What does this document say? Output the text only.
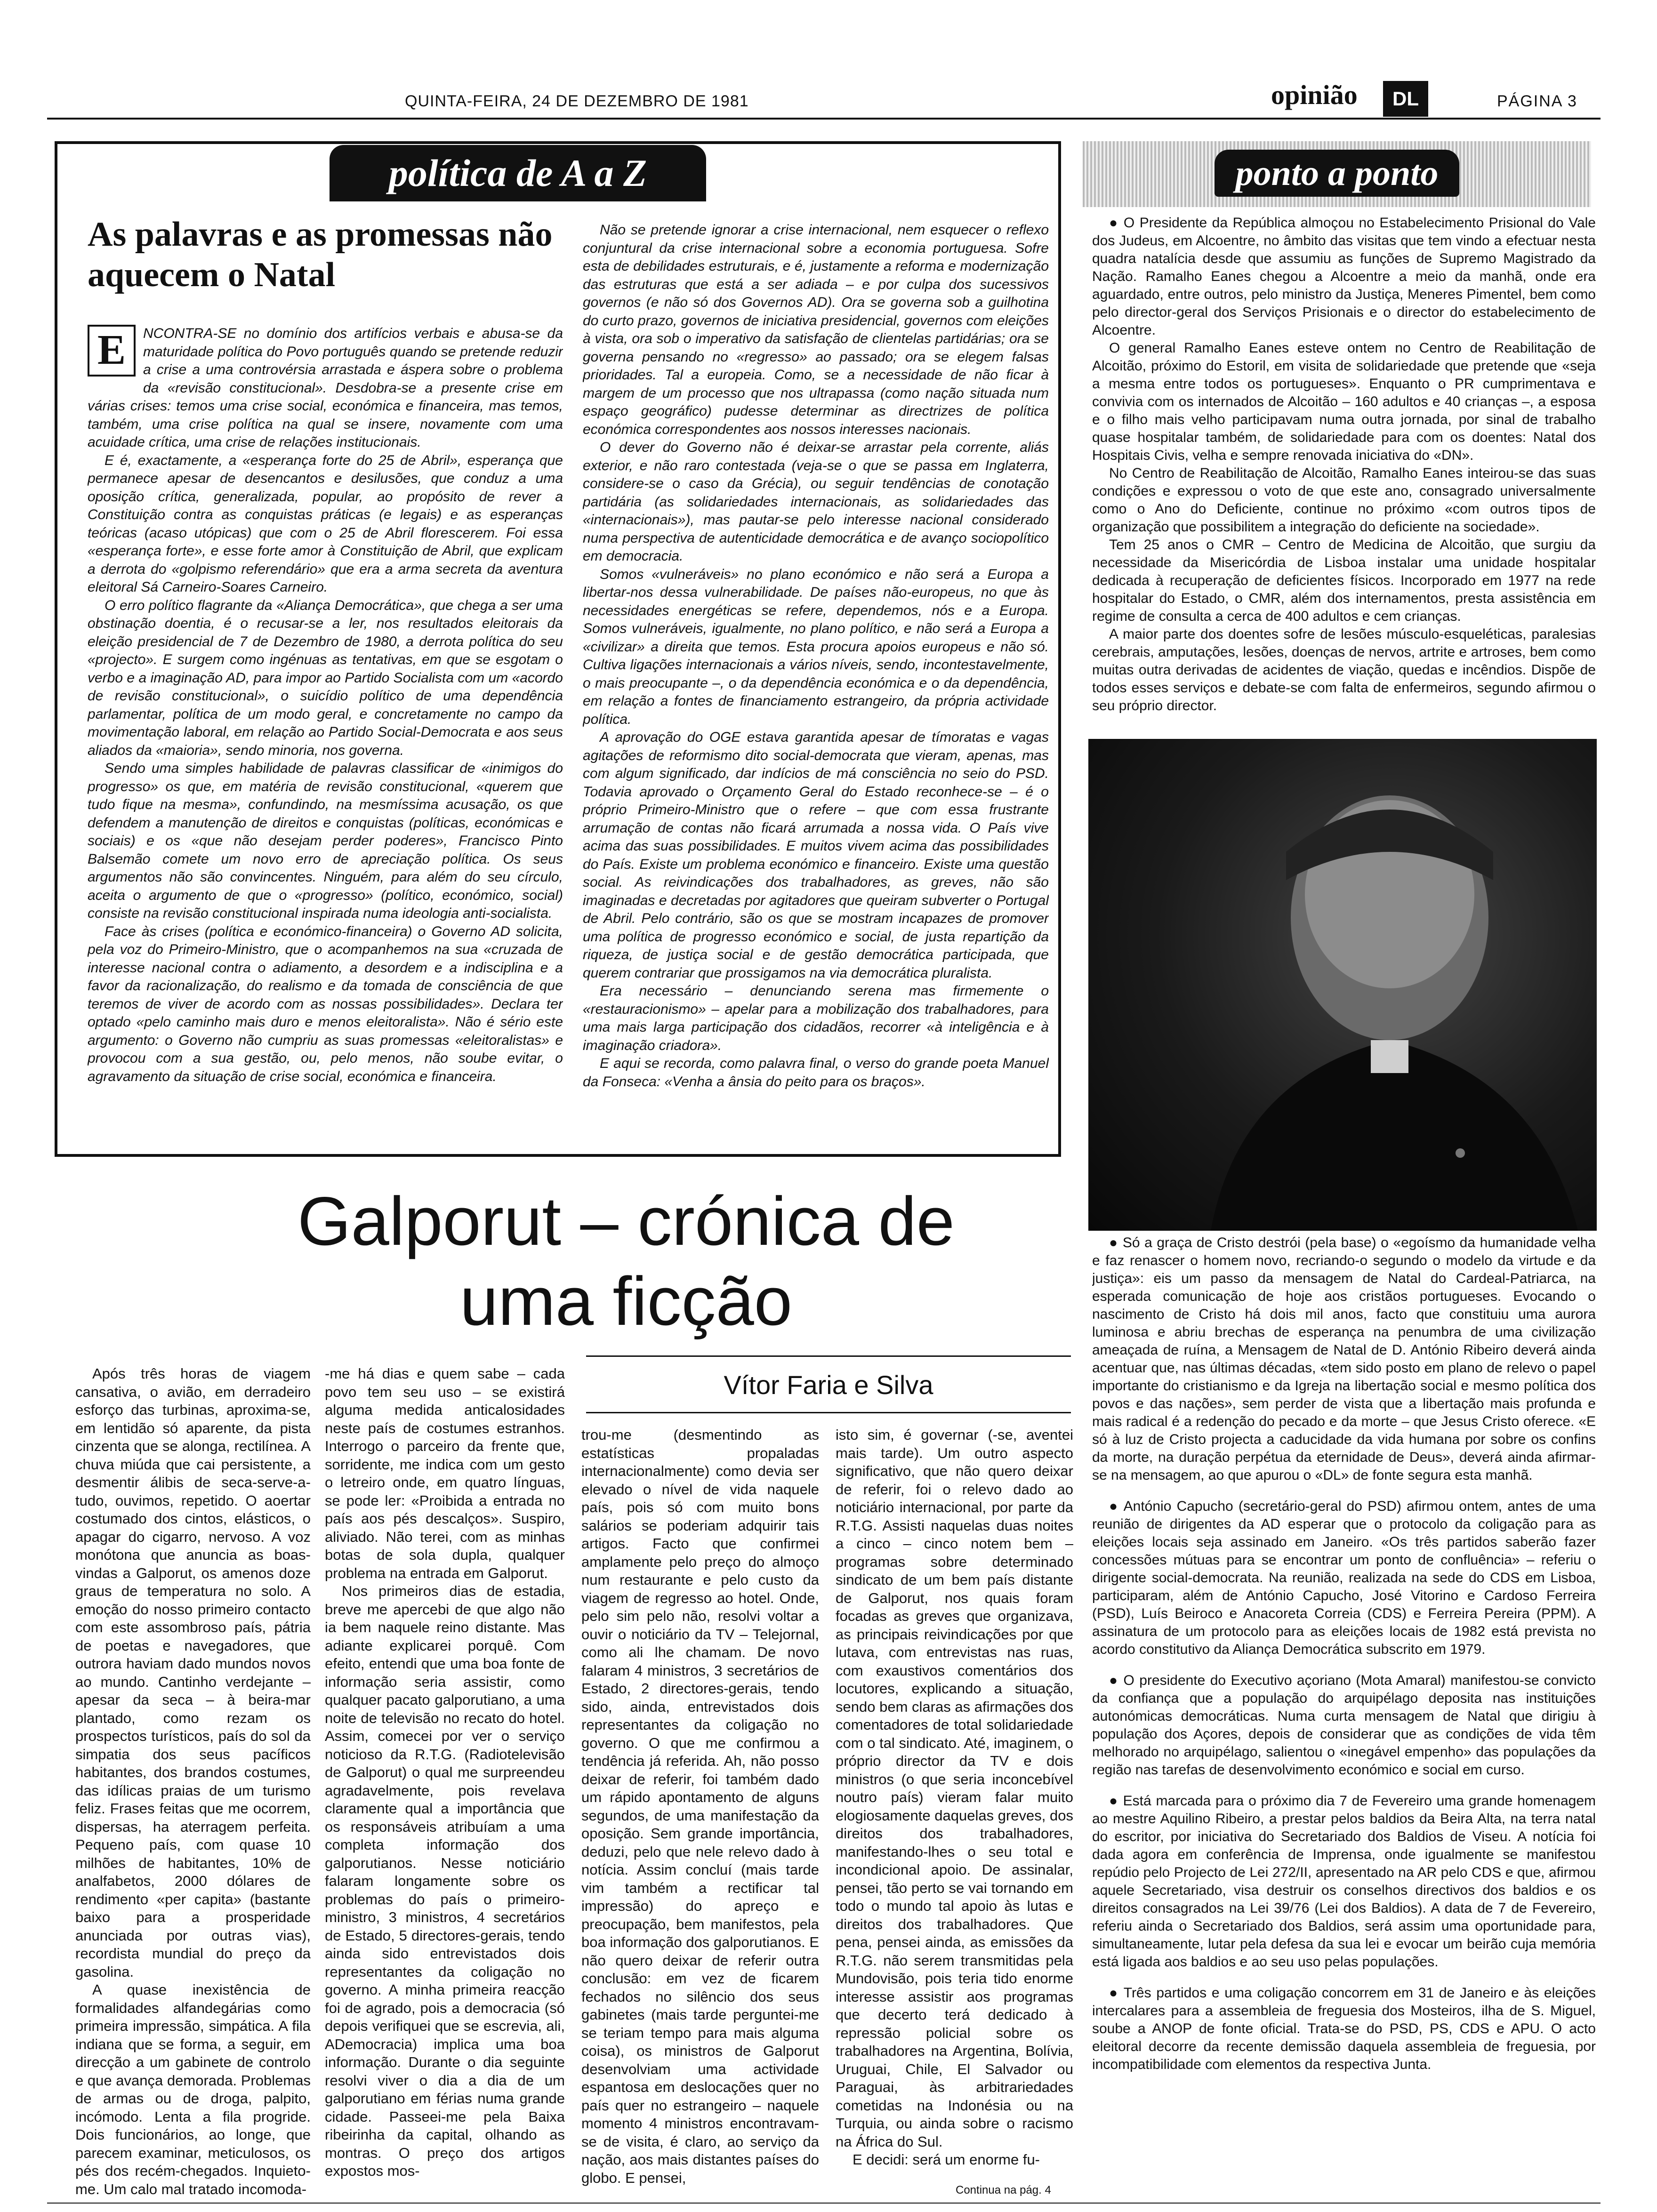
QUINTA-FEIRA, 24 DE DEZEMBRO DE 1981	opinião	DL	PÁGINA 3
política de A a Z
As palavras e as promessas não aquecem o Natal
E	NCONTRA-SE no domínio dos artifícios verbais e abusa-se da maturidade política do Povo português quando se pretende reduzir a crise a uma controvérsia arrastada e áspera sobre o problema da «revisão constitucional». Desdobra-se a presente crise em várias crises: temos uma crise social, económica e financeira, mas temos, também, uma crise política na qual se insere, novamente com uma acuidade crítica, uma crise de relações institucionais.

E é, exactamente, a «esperança forte do 25 de Abril», esperança que permanece apesar de desencantos e desilusões, que conduz a uma oposição crítica, generalizada, popular, ao propósito de rever a Constituição contra as conquistas práticas (e legais) e as esperanças teóricas (acaso utópicas) que com o 25 de Abril florescerem. Foi essa «esperança forte», e esse forte amor à Constituição de Abril, que explicam a derrota do «golpismo referendário» que era a arma secreta da aventura eleitoral Sá Carneiro-Soares Carneiro.

O erro político flagrante da «Aliança Democrática», que chega a ser uma obstinação doentia, é o recusar-se a ler, nos resultados eleitorais da eleição presidencial de 7 de Dezembro de 1980, a derrota política do seu «projecto». E surgem como ingénuas as tentativas, em que se esgotam o verbo e a imaginação AD, para impor ao Partido Socialista com um «acordo de revisão constitucional», o suicídio político de uma dependência parlamentar, política de um modo geral, e concretamente no campo da movimentação laboral, em relação ao Partido Social-Democrata e aos seus aliados da «maioria», sendo minoria, nos governa.

Sendo uma simples habilidade de palavras classificar de «inimigos do progresso» os que, em matéria de revisão constitucional, «querem que tudo fique na mesma», confundindo, na mesmíssima acusação, os que defendem a manutenção de direitos e conquistas (políticas, económicas e sociais) e os «que não desejam perder poderes», Francisco Pinto Balsemão comete um novo erro de apreciação política. Os seus argumentos não são convincentes. Ninguém, para além do seu círculo, aceita o argumento de que o «progresso» (político, económico, social) consiste na revisão constitucional inspirada numa ideologia anti-socialista.

Face às crises (política e económico-financeira) o Governo AD solicita, pela voz do Primeiro-Ministro, que o acompanhemos na sua «cruzada de interesse nacional contra o adiamento, a desordem e a indisciplina e a favor da racionalização, do realismo e da tomada de consciência de que teremos de viver de acordo com as nossas possibilidades». Declara ter optado «pelo caminho mais duro e menos eleitoralista». Não é sério este argumento: o Governo não cumpriu as suas promessas «eleitoralistas» e provocou com a sua gestão, ou, pelo menos, não soube evitar, o agravamento da situação de crise social, económica e financeira.

Não se pretende ignorar a crise internacional, nem esquecer o reflexo conjuntural da crise internacional sobre a economia portuguesa. Sofre esta de debilidades estruturais, e é, justamente a reforma e modernização das estruturas que está a ser adiada – e por culpa dos sucessivos governos (e não só dos Governos AD). Ora se governa sob a guilhotina do curto prazo, governos de iniciativa presidencial, governos com eleições à vista, ora sob o imperativo da satisfação de clientelas partidárias; ora se governa pensando no «regresso» ao passado; ora se elegem falsas prioridades. Tal a europeia. Como, se a necessidade de não ficar à margem de um processo que nos ultrapassa (como nação situada num espaço geográfico) pudesse determinar as directrizes de política económica correspondentes aos nossos interesses nacionais.

O dever do Governo não é deixar-se arrastar pela corrente, aliás exterior, e não raro contestada (veja-se o que se passa em Inglaterra, considere-se o caso da Grécia), ou seguir tendências de conotação partidária (as solidariedades internacionais, as solidariedades das «internacionais»), mas pautar-se pelo interesse nacional considerado numa perspectiva de autenticidade democrática e de avanço sociopolítico em democracia.

Somos «vulneráveis» no plano económico e não será a Europa a libertar-nos dessa vulnerabilidade. De países não-europeus, no que às necessidades energéticas se refere, dependemos, nós e a Europa. Somos vulneráveis, igualmente, no plano político, e não será a Europa a «civilizar» a direita que temos. Esta procura apoios europeus e não só. Cultiva ligações internacionais a vários níveis, sendo, incontestavelmente, o mais preocupante –, o da dependência económica e o da dependência, em relação a fontes de financiamento estrangeiro, da própria actividade política.

A aprovação do OGE estava garantida apesar de tímoratas e vagas agitações de reformismo dito social-democrata que vieram, apenas, mas com algum significado, dar indícios de má consciência no seio do PSD. Todavia aprovado o Orçamento Geral do Estado reconhece-se – é o próprio Primeiro-Ministro que o refere – que com essa frustrante arrumação de contas não ficará arrumada a nossa vida. O País vive acima das suas possibilidades. E muitos vivem acima das possibilidades do País. Existe um problema económico e financeiro. Existe uma questão social. As reivindicações dos trabalhadores, as greves, não são imaginadas e decretadas por agitadores que queiram subverter o Portugal de Abril. Pelo contrário, são os que se mostram incapazes de promover uma política de progresso económico e social, de justa repartição da riqueza, de justiça social e de gestão democrática participada, que querem contrariar que prossigamos na via democrática pluralista.

Era necessário – denunciando serena mas firmemente o «restauracionismo» – apelar para a mobilização dos trabalhadores, para uma mais larga participação dos cidadãos, recorrer «à inteligência e à imaginação criadora».

E aqui se recorda, como palavra final, o verso do grande poeta Manuel da Fonseca: «Venha a ânsia do peito para os braços».

ponto a ponto

● O Presidente da República almoçou no Estabelecimento Prisional do Vale dos Judeus, em Alcoentre, no âmbito das visitas que tem vindo a efectuar nesta quadra natalícia desde que assumiu as funções de Supremo Magistrado da Nação. Ramalho Eanes chegou a Alcoentre a meio da manhã, onde era aguardado, entre outros, pelo ministro da Justiça, Meneres Pimentel, bem como pelo director-geral dos Serviços Prisionais e o director do estabelecimento de Alcoentre.

O general Ramalho Eanes esteve ontem no Centro de Reabilitação de Alcoitão, próximo do Estoril, em visita de solidariedade que pretende que «seja a mesma entre todos os portugueses». Enquanto o PR cumprimentava e convivia com os internados de Alcoitão – 160 adultos e 40 crianças –, a esposa e o filho mais velho participavam numa outra jornada, por sinal de trabalho quase hospitalar também, de solidariedade para com os doentes: Natal dos Hospitais Civis, velha e sempre renovada iniciativa do «DN».

No Centro de Reabilitação de Alcoitão, Ramalho Eanes inteirou-se das suas condições e expressou o voto de que este ano, consagrado universalmente como o Ano do Deficiente, continue no próximo «com outros tipos de organização que possibilitem a integração do deficiente na sociedade».

Tem 25 anos o CMR – Centro de Medicina de Alcoitão, que surgiu da necessidade da Misericórdia de Lisboa instalar uma unidade hospitalar dedicada à recuperação de deficientes físicos. Incorporado em 1977 na rede hospitalar do Estado, o CMR, além dos internamentos, presta assistência em regime de consulta a cerca de 400 adultos e cem crianças.

A maior parte dos doentes sofre de lesões músculo-esqueléticas, paralesias cerebrais, amputações, lesões, doenças de nervos, artrite e artroses, bem como muitas outra derivadas de acidentes de viação, quedas e incêndios. Dispõe de todos esses serviços e debate-se com falta de enfermeiros, segundo afirmou o seu próprio director.

● Só a graça de Cristo destrói (pela base) o «egoísmo da humanidade velha e faz renascer o homem novo, recriando-o segundo o modelo da virtude e da justiça»: eis um passo da mensagem de Natal do Cardeal-Patriarca, na esperada comunicação de hoje aos cristãos portugueses. Evocando o nascimento de Cristo há dois mil anos, facto que constituiu uma aurora luminosa e abriu brechas de esperança na penumbra de uma civilização ameaçada de ruína, a Mensagem de Natal de D. António Ribeiro deverá ainda acentuar que, nas últimas décadas, «tem sido posto em plano de relevo o papel importante do cristianismo e da Igreja na libertação social e mesmo política dos povos e das nações», sem perder de vista que a libertação mais profunda e mais radical é a redenção do pecado e da morte – que Jesus Cristo oferece. «E só à luz de Cristo projecta a caducidade da vida humana por sobre os confins da morte, na duração perpétua da eternidade de Deus», deverá ainda afirmar-se na mensagem, ao que apurou o «DL» de fonte segura esta manhã.

● António Capucho (secretário-geral do PSD) afirmou ontem, antes de uma reunião de dirigentes da AD esperar que o protocolo da coligação para as eleições locais seja assinado em Janeiro. «Os três partidos saberão fazer concessões mútuas para se encontrar um ponto de confluência» – referiu o dirigente social-democrata. Na reunião, realizada na sede do CDS em Lisboa, participaram, além de António Capucho, José Vitorino e Cardoso Ferreira (PSD), Luís Beiroco e Anacoreta Correia (CDS) e Ferreira Pereira (PPM). A assinatura de um protocolo para as eleições locais de 1982 está prevista no acordo constitutivo da Aliança Democrática subscrito em 1979.

● O presidente do Executivo açoriano (Mota Amaral) manifestou-se convicto da confiança que a população do arquipélago deposita nas instituições autonómicas democráticas. Numa curta mensagem de Natal que dirigiu à população dos Açores, depois de considerar que as condições de vida têm melhorado no arquipélago, salientou o «inegável empenho» das populações da região nas tarefas de desenvolvimento económico e social em curso.

● Está marcada para o próximo dia 7 de Fevereiro uma grande homenagem ao mestre Aquilino Ribeiro, a prestar pelos baldios da Beira Alta, na terra natal do escritor, por iniciativa do Secretariado dos Baldios de Viseu. A notícia foi dada agora em conferência de Imprensa, onde igualmente se manifestou repúdio pelo Projecto de Lei 272/II, apresentado na AR pelo CDS e que, afirmou aquele Secretariado, visa destruir os conselhos directivos dos baldios e os direitos consagrados na Lei 39/76 (Lei dos Baldios). A data de 7 de Fevereiro, referiu ainda o Secretariado dos Baldios, será assim uma oportunidade para, simultaneamente, lutar pela defesa da sua lei e evocar um beirão cuja memória está ligada aos baldios e ao seu uso pelas populações.

● Três partidos e uma coligação concorrem em 31 de Janeiro e às eleições intercalares para a assembleia de freguesia dos Mosteiros, ilha de S. Miguel, soube a ANOP de fonte oficial. Trata-se do PSD, PS, CDS e APU. O acto eleitoral decorre da recente demissão daquela assembleia de freguesia, por incompatibilidade com elementos da respectiva Junta.

Galporut – crónica de uma ficção
Vítor Faria e Silva

Após três horas de viagem cansativa, o avião, em derradeiro esforço das turbinas, aproxima-se, em lentidão só aparente, da pista cinzenta que se alonga, rectilínea. A chuva miúda que cai persistente, a desmentir álibis de seca-serve-a-tudo, ouvimos, repetido. O aoertar costumado dos cintos, elásticos, o apagar do cigarro, nervoso. A voz monótona que anuncia as boas-vindas a Galporut, os amenos doze graus de temperatura no solo. A emoção do nosso primeiro contacto com este assombroso país, pátria de poetas e navegadores, que outrora haviam dado mundos novos ao mundo. Cantinho verdejante – apesar da seca – à beira-mar plantado, como rezam os prospectos turísticos, país do sol da simpatia dos seus pacíficos habitantes, dos brandos costumes, das idílicas praias de um turismo feliz. Frases feitas que me ocorrem, dispersas, ha aterragem perfeita. Pequeno país, com quase 10 milhões de habitantes, 10% de analfabetos, 2000 dólares de rendimento «per capita» (bastante baixo para a prosperidade anunciada por outras vias), recordista mundial do preço da gasolina.

A quase inexistência de formalidades alfandegárias como primeira impressão, simpática. A fila indiana que se forma, a seguir, em direcção a um gabinete de controlo e que avança demorada. Problemas de armas ou de droga, palpito, incómodo. Lenta a fila progride. Dois funcionários, ao longe, que parecem examinar, meticulosos, os pés dos recém-chegados. Inquieto-me. Um calo mal tratado incomoda-

-me há dias e quem sabe – cada povo tem seu uso – se existirá alguma medida anticalosidades neste país de costumes estranhos. Interrogo o parceiro da frente que, sorridente, me indica com um gesto o letreiro onde, em quatro línguas, se pode ler: «Proibida a entrada no país aos pés descalços». Suspiro, aliviado. Não terei, com as minhas botas de sola dupla, qualquer problema na entrada em Galporut.

Nos primeiros dias de estadia, breve me apercebi de que algo não ia bem naquele reino distante. Mas adiante explicarei porquê. Com efeito, entendi que uma boa fonte de informação seria assistir, como qualquer pacato galporutiano, a uma noite de televisão no recato do hotel. Assim, comecei por ver o serviço noticioso da R.T.G. (Radiotelevisão de Galporut) o qual me surpreendeu agradavelmente, pois revelava claramente qual a importância que os responsáveis atribuíam a uma completa informação dos galporutianos. Nesse noticiário falaram longamente sobre os problemas do país o primeiro-ministro, 3 ministros, 4 secretários de Estado, 5 directores-gerais, tendo ainda sido entrevistados dois representantes da coligação no governo. A minha primeira reacção foi de agrado, pois a democracia (só depois verifiquei que se escrevia, ali, ADemocracia) implica uma boa informação. Durante o dia seguinte resolvi viver o dia a dia de um galporutiano em férias numa grande cidade. Passeei-me pela Baixa ribeirinha da capital, olhando as montras. O preço dos artigos expostos mos-

trou-me (desmentindo as estatísticas propaladas internacionalmente) como devia ser elevado o nível de vida naquele país, pois só com muito bons salários se poderiam adquirir tais artigos. Facto que confirmei amplamente pelo preço do almoço num restaurante e pelo custo da viagem de regresso ao hotel. Onde, pelo sim pelo não, resolvi voltar a ouvir o noticiário da TV – Telejornal, como ali lhe chamam. De novo falaram 4 ministros, 3 secretários de Estado, 2 directores-gerais, tendo sido, ainda, entrevistados dois representantes da coligação no governo. O que me confirmou a tendência já referida. Ah, não posso deixar de referir, foi também dado um rápido apontamento de alguns segundos, de uma manifestação da oposição. Sem grande importância, deduzi, pelo que nele relevo dado à notícia. Assim concluí (mais tarde vim também a rectificar tal impressão) do apreço e preocupação, bem manifestos, pela boa informação dos galporutianos. E não quero deixar de referir outra conclusão: em vez de ficarem fechados no silêncio dos seus gabinetes (mais tarde perguntei-me se teriam tempo para mais alguma coisa), os ministros de Galporut desenvolviam uma actividade espantosa em deslocações quer no país quer no estrangeiro – naquele momento 4 ministros encontravam-se de visita, é claro, ao serviço da nação, aos mais distantes países do globo. E pensei,

isto sim, é governar (-se, aventei mais tarde). Um outro aspecto significativo, que não quero deixar de referir, foi o relevo dado ao noticiário internacional, por parte da R.T.G. Assisti naquelas duas noites a cinco – cinco notem bem – programas sobre determinado sindicato de um bem país distante de Galporut, nos quais foram focadas as greves que organizava, as principais reivindicações por que lutava, com entrevistas nas ruas, com exaustivos comentários dos locutores, explicando a situação, sendo bem claras as afirmações dos comentadores de total solidariedade com o tal sindicato. Até, imaginem, o próprio director da TV e dois ministros (o que seria inconcebível noutro país) vieram falar muito elogiosamente daquelas greves, dos direitos dos trabalhadores, manifestando-lhes o seu total e incondicional apoio. De assinalar, pensei, tão perto se vai tornando em todo o mundo tal apoio às lutas e direitos dos trabalhadores. Que pena, pensei ainda, as emissões da R.T.G. não serem transmitidas pela Mundovisão, pois teria tido enorme interesse assistir aos programas que decerto terá dedicado à repressão policial sobre os trabalhadores na Argentina, Bolívia, Uruguai, Chile, El Salvador ou Paraguai, às arbitrariedades cometidas na Indonésia ou na Turquia, ou ainda sobre o racismo na África do Sul.

E decidi: será um enorme fu-

Continua na pág. 4
